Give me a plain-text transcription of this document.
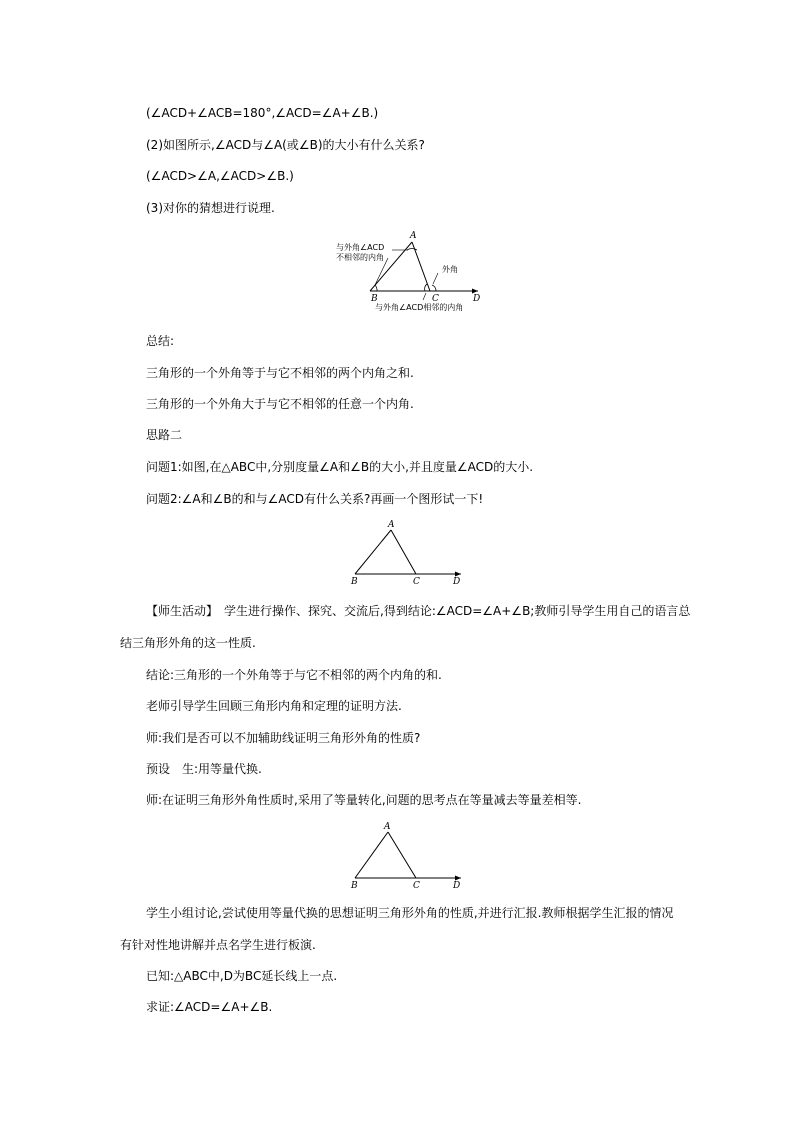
(∠ACD+∠ACB=180°,∠ACD=∠A+∠B.)
(2)如图所示,∠ACD与∠A(或∠B)的大小有什么关系?
(∠ACD>∠A,∠ACD>∠B.)
(3)对你的猜想进行说理.
A
B	C	D
与外角∠ACD
不相邻的内角
外角
与外角∠ACD相邻的内角
总结:
三角形的一个外角等于与它不相邻的两个内角之和.
三角形的一个外角大于与它不相邻的任意一个内角.
思路二
问题1:如图,在△ABC中,分别度量∠A和∠B的大小,并且度量∠ACD的大小.
问题2:∠A和∠B的和与∠ACD有什么关系?再画一个图形试一下!
A
B	C	D
【师生活动】　学生进行操作、探究、交流后,得到结论:∠ACD=∠A+∠B;教师引导学生用自己的语言总
结三角形外角的这一性质.
结论:三角形的一个外角等于与它不相邻的两个内角的和.
老师引导学生回顾三角形内角和定理的证明方法.
师:我们是否可以不加辅助线证明三角形外角的性质?
预设　生:用等量代换.
师:在证明三角形外角性质时,采用了等量转化,问题的思考点在等量减去等量差相等.
A
B	C	D
学生小组讨论,尝试使用等量代换的思想证明三角形外角的性质,并进行汇报.教师根据学生汇报的情况
有针对性地讲解并点名学生进行板演.
已知:△ABC中,D为BC延长线上一点.
求证:∠ACD=∠A+∠B.
